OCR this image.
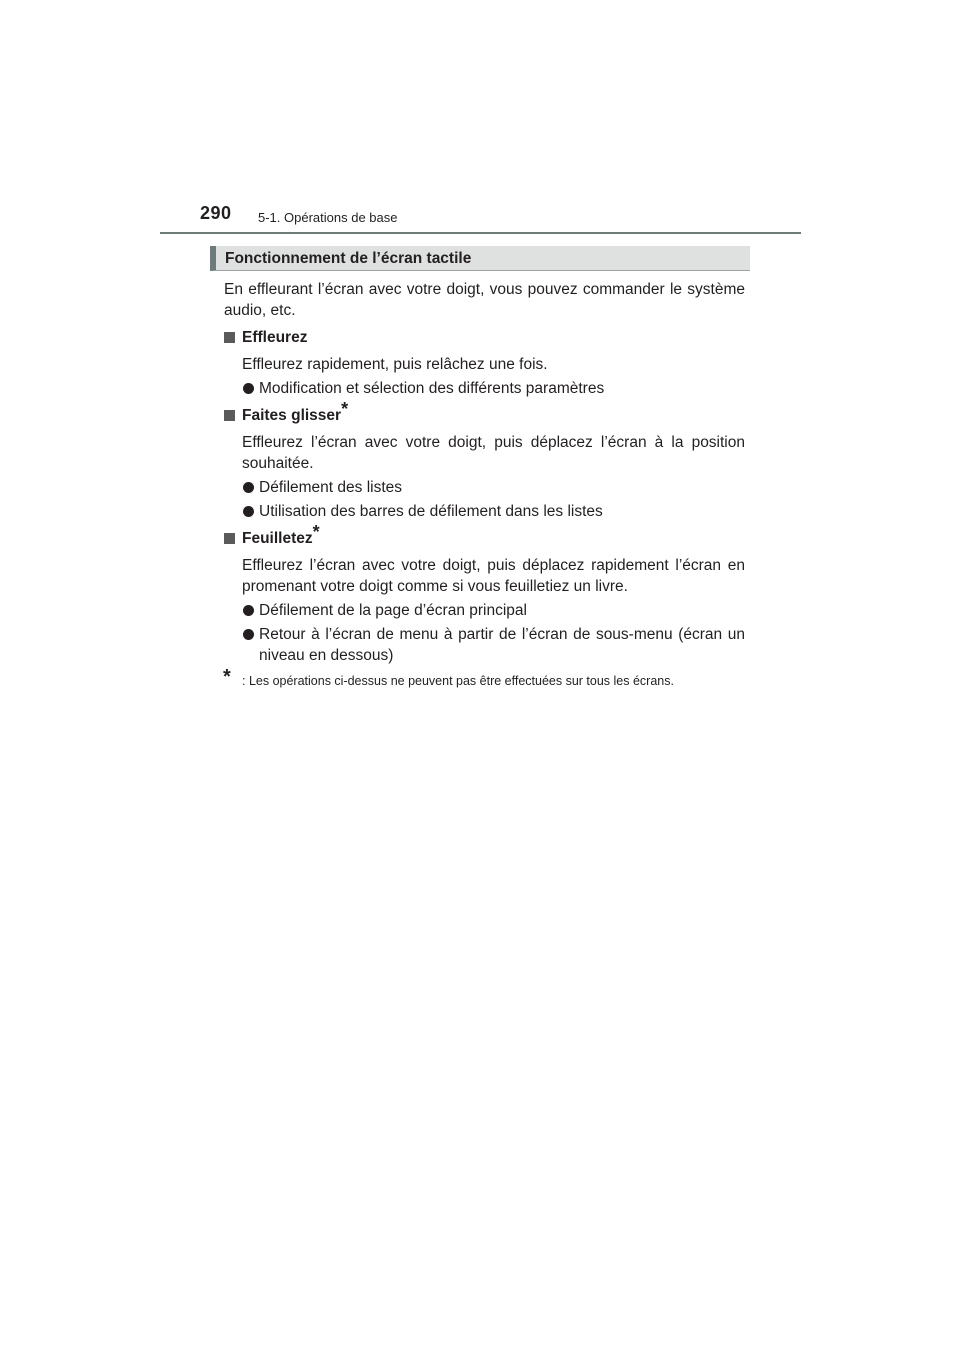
290 5-1. Opérations de base
Fonctionnement de l’écran tactile

En effleurant l’écran avec votre doigt, vous pouvez commander le système audio, etc.

Effleurez

Effleurez rapidement, puis relâchez une fois.

Modification et sélection des différents paramètres
Faites glisser*

Effleurez l’écran avec votre doigt, puis déplacez l’écran à la position souhaitée.

Défilement des listes
Utilisation des barres de défilement dans les listes
Feuilletez*

Effleurez l’écran avec votre doigt, puis déplacez rapidement l’écran en promenant votre doigt comme si vous feuilletiez un livre.

Défilement de la page d’écran principal
Retour à l’écran de menu à partir de l’écran de sous-menu (écran un niveau en dessous)
* : Les opérations ci-dessus ne peuvent pas être effectuées sur tous les écrans.
